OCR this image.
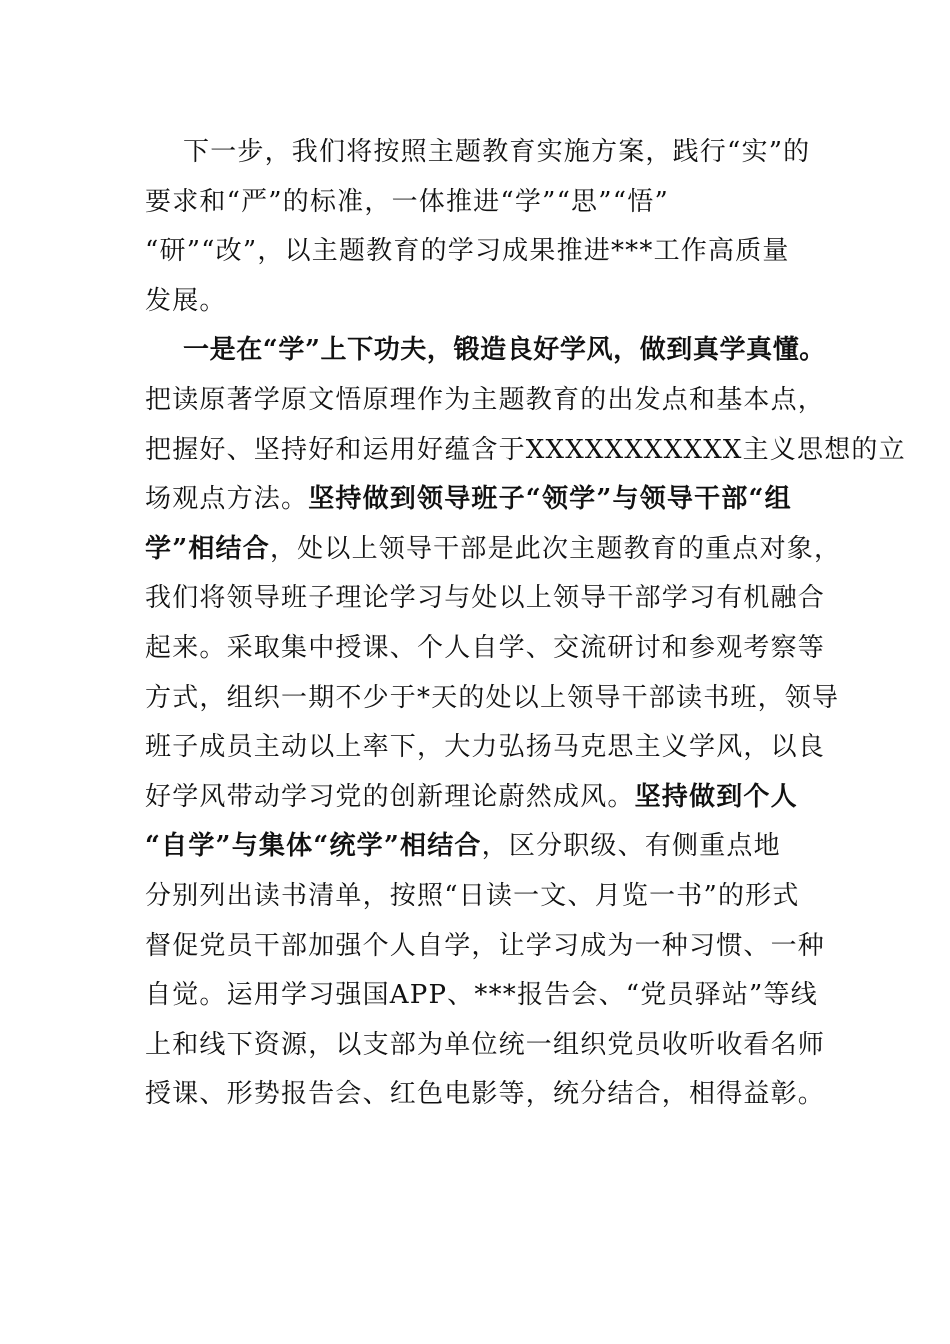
下一步，我们将按照主题教育实施方案，践行“实”的
要求和“严”的标准，一体推进“学”“思”“悟”
“研”“改”，以主题教育的学习成果推进***工作高质量
发展。
一是在“学”上下功夫，锻造良好学风，做到真学真懂。
把读原著学原文悟原理作为主题教育的出发点和基本点，
把握好、坚持好和运用好蕴含于XXXXXXXXXXX主义思想的立
场观点方法。坚持做到领导班子“领学”与领导干部“组
学”相结合，处以上领导干部是此次主题教育的重点对象，
我们将领导班子理论学习与处以上领导干部学习有机融合
起来。采取集中授课、个人自学、交流研讨和参观考察等
方式，组织一期不少于*天的处以上领导干部读书班，领导
班子成员主动以上率下，大力弘扬马克思主义学风，以良
好学风带动学习党的创新理论蔚然成风。坚持做到个人
“自学”与集体“统学”相结合，区分职级、有侧重点地
分别列出读书清单，按照“日读一文、月览一书”的形式
督促党员干部加强个人自学，让学习成为一种习惯、一种
自觉。运用学习强国APP、***报告会、“党员驿站”等线
上和线下资源，以支部为单位统一组织党员收听收看名师
授课、形势报告会、红色电影等，统分结合，相得益彰。
